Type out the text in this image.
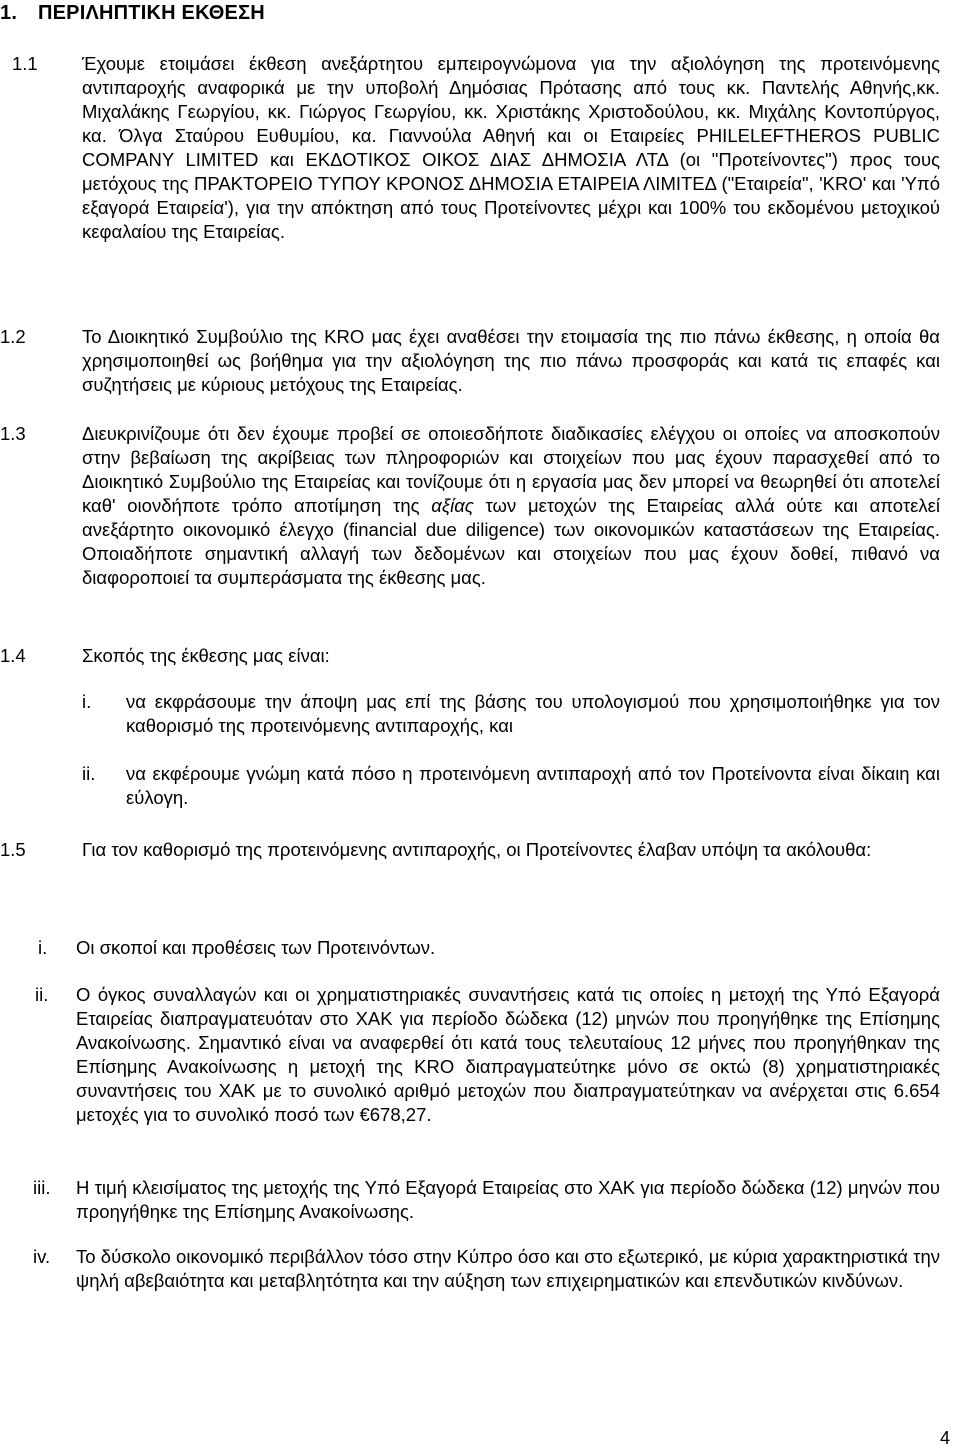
1. ΠΕΡΙΛΗΠΤΙΚΗ ΕΚΘΕΣΗ
1.1 Έχουμε ετοιμάσει έκθεση ανεξάρτητου εμπειρογνώμονα για την αξιολόγηση της προτεινόμενης αντιπαροχής αναφορικά με την υποβολή Δημόσιας Πρότασης από τους κκ. Παντελής Αθηνής,κκ. Μιχαλάκης Γεωργίου, κκ. Γιώργος Γεωργίου, κκ. Χριστάκης Χριστοδούλου, κκ. Μιχάλης Κοντοπύργος, κα. Όλγα Σταύρου Ευθυμίου, κα. Γιαννούλα Αθηνή και οι Εταιρείες PHILELEFTHEROS PUBLIC COMPANY LIMITED και ΕΚΔΟΤΙΚΟΣ ΟΙΚΟΣ ΔΙΑΣ ΔΗΜΟΣΙΑ ΛΤΔ (οι "Προτείνοντες") προς τους μετόχους της ΠΡΑΚΤΟΡΕΙΟ ΤΥΠΟΥ ΚΡΟΝΟΣ ΔΗΜΟΣΙΑ ΕΤΑΙΡΕΙΑ ΛΙΜΙΤΕΔ ("Εταιρεία", 'KRO' και 'Υπό εξαγορά Εταιρεία'), για την απόκτηση από τους Προτείνοντες μέχρι και 100% του εκδομένου μετοχικού κεφαλαίου της Εταιρείας.
1.2	Το Διοικητικό Συμβούλιο της KRO μας έχει αναθέσει την ετοιμασία της πιο πάνω έκθεσης, η οποία θα χρησιμοποιηθεί ως βοήθημα για την αξιολόγηση της πιο πάνω προσφοράς και κατά τις επαφές και συζητήσεις με κύριους μετόχους της Εταιρείας.
1.3	Διευκρινίζουμε ότι δεν έχουμε προβεί σε οποιεσδήποτε διαδικασίες ελέγχου οι οποίες να αποσκοπούν στην βεβαίωση της ακρίβειας των πληροφοριών και στοιχείων που μας έχουν παρασχεθεί από το Διοικητικό Συμβούλιο της Εταιρείας και τονίζουμε ότι η εργασία μας δεν μπορεί να θεωρηθεί ότι αποτελεί καθ' οιονδήποτε τρόπο αποτίμηση της αξίας των μετοχών της Εταιρείας αλλά ούτε και αποτελεί ανεξάρτητο οικονομικό έλεγχο (financial due diligence) των οικονομικών καταστάσεων της Εταιρείας. Οποιαδήποτε σημαντική αλλαγή των δεδομένων και στοιχείων που μας έχουν δοθεί, πιθανό να διαφοροποιεί τα συμπεράσματα της έκθεσης μας.
1.4	Σκοπός της έκθεσης μας είναι:
i. να εκφράσουμε την άποψη μας επί της βάσης του υπολογισμού που χρησιμοποιήθηκε για τον καθορισμό της προτεινόμενης αντιπαροχής, και
ii. να εκφέρουμε γνώμη κατά πόσο η προτεινόμενη αντιπαροχή από τον Προτείνοντα είναι δίκαιη και εύλογη.
1.5	Για τον καθορισμό της προτεινόμενης αντιπαροχής, οι Προτείνοντες έλαβαν υπόψη τα ακόλουθα:
i. Οι σκοποί και προθέσεις των Προτεινόντων.
ii. Ο όγκος συναλλαγών και οι χρηματιστηριακές συναντήσεις κατά τις οποίες η μετοχή της Υπό Εξαγορά Εταιρείας διαπραγματευόταν στο ΧΑΚ για περίοδο δώδεκα (12) μηνών που προηγήθηκε της Επίσημης Ανακοίνωσης. Σημαντικό είναι να αναφερθεί ότι κατά τους τελευταίους 12 μήνες που προηγήθηκαν της Επίσημης Ανακοίνωσης η μετοχή της KRO διαπραγματεύτηκε μόνο σε οκτώ (8) χρηματιστηριακές συναντήσεις του ΧΑΚ με το συνολικό αριθμό μετοχών που διαπραγματεύτηκαν να ανέρχεται στις 6.654 μετοχές για το συνολικό ποσό των €678,27.
iii. Η τιμή κλεισίματος της μετοχής της Υπό Εξαγορά Εταιρείας στο ΧΑΚ για περίοδο δώδεκα (12) μηνών που προηγήθηκε της Επίσημης Ανακοίνωσης.
iv. Το δύσκολο οικονομικό περιβάλλον τόσο στην Κύπρο όσο και στο εξωτερικό, με κύρια χαρακτηριστικά την ψηλή αβεβαιότητα και μεταβλητότητα και την αύξηση των επιχειρηματικών και επενδυτικών κινδύνων.
4
